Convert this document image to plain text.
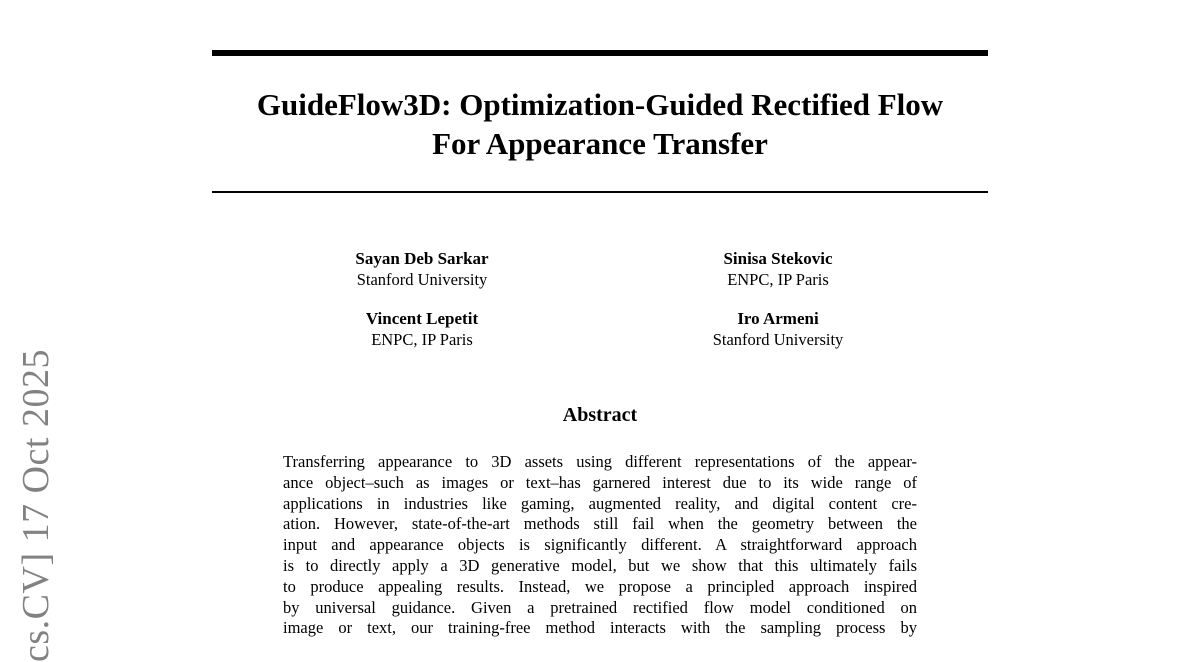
cs.CV] 17 Oct 2025
GuideFlow3D: Optimization-Guided Rectified Flow
For Appearance Transfer
Sayan Deb Sarkar
Stanford University
Sinisa Stekovic
ENPC, IP Paris
Vincent Lepetit
ENPC, IP Paris
Iro Armeni
Stanford University
Abstract
Transferring appearance to 3D assets using different representations of the appear-
ance object–such as images or text–has garnered interest due to its wide range of
applications in industries like gaming, augmented reality, and digital content cre-
ation. However, state-of-the-art methods still fail when the geometry between the
input and appearance objects is significantly different. A straightforward approach
is to directly apply a 3D generative model, but we show that this ultimately fails
to produce appealing results. Instead, we propose a principled approach inspired
by universal guidance. Given a pretrained rectified flow model conditioned on
image or text, our training-free method interacts with the sampling process by
